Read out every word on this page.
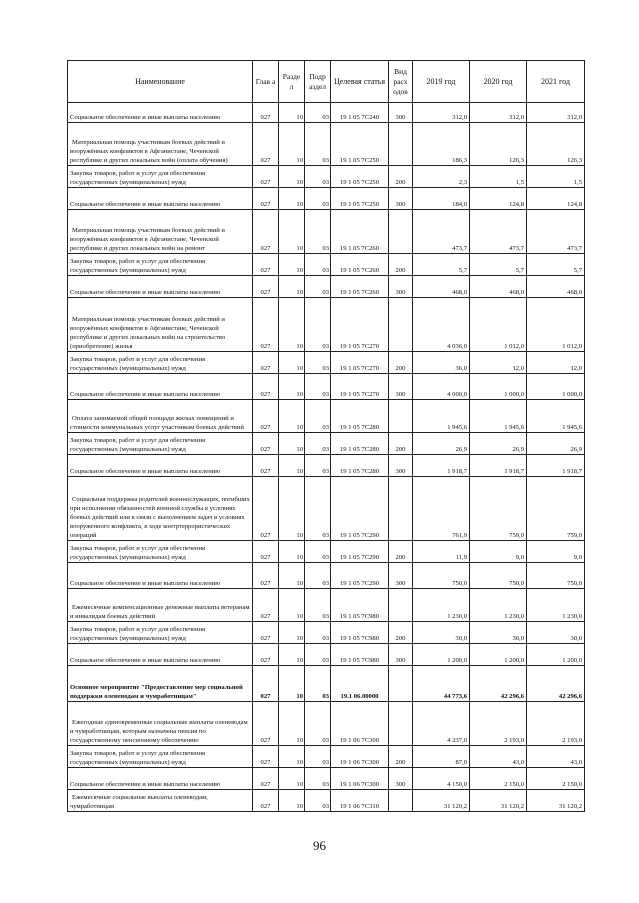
Наименование	Глав а	Разде л	Подр аздел	Целевая статья	Вид расх одов	2019 год	2020 год	2021 год
Социальное обеспечение и иные выплаты населению	027	10	03	19 1 05 7С240	300	312,0	312,0	312,0
Материальная помощь участникам боевых действий и вооружённых конфликтов в Афганистане, Чеченской республике и других локальных войн (оплата обучения)	027	10	03	19 1 05 7С250		186,3	126,3	126,3
Закупка товаров, работ и услуг для обеспечения государственных (муниципальных) нужд	027	10	03	19 1 05 7С250	200	2,3	1,5	1,5
Социальное обеспечение и иные выплаты населению	027	10	03	19 1 05 7С250	300	184,0	124,8	124,8
Материальная помощь участникам боевых действий и вооружённых конфликтов в Афганистане, Чеченской республике и других локальных войн на ремонт	027	10	03	19 1 05 7С260		473,7	473,7	473,7
Закупка товаров, работ и услуг для обеспечения государственных (муниципальных) нужд	027	10	03	19 1 05 7С260	200	5,7	5,7	5,7
Социальное обеспечение и иные выплаты населению	027	10	03	19 1 05 7С260	300	468,0	468,0	468,0
Материальная помощь участникам боевых действий и вооружённых конфликтов в Афганистане, Чеченской республике и других локальных войн на строительство (приобретение) жилья	027	10	03	19 1 05 7С270		4 036,0	1 012,0	1 012,0
Закупка товаров, работ и услуг для обеспечения государственных (муниципальных) нужд	027	10	03	19 1 05 7С270	200	36,0	12,0	12,0
Социальное обеспечение и иные выплаты населению	027	10	03	19 1 05 7С270	300	4 000,0	1 000,0	1 000,0
Оплата занимаемой общей площади жилых помещений и стоимости коммунальных услуг участникам боевых действий	027	10	03	19 1 05 7С280		1 945,6	1 945,6	1 945,6
Закупка товаров, работ и услуг для обеспечения государственных (муниципальных) нужд	027	10	03	19 1 05 7С280	200	26,9	26,9	26,9
Социальное обеспечение и иные выплаты населению	027	10	03	19 1 05 7С280	300	1 918,7	1 918,7	1 918,7
Социальная поддержка родителей военнослужащих, погибших при исполнении обязанностей военной службы в условиях боевых действий или в связи с выполнением задач в условиях вооруженного конфликта, в ходе контртеррористических операций	027	10	03	19 1 05 7С290		761,9	759,0	759,0
Закупка товаров, работ и услуг для обеспечения государственных (муниципальных) нужд	027	10	03	19 1 05 7С290	200	11,9	9,0	9,0
Социальное обеспечение и иные выплаты населению	027	10	03	19 1 05 7С290	300	750,0	750,0	750,0
Ежемесячные компенсационные денежные выплаты ветеранам и инвалидам боевых действий	027	10	03	19 1 05 7С980		1 230,0	1 230,0	1 230,0
Закупка товаров, работ и услуг для обеспечения государственных (муниципальных) нужд	027	10	03	19 1 05 7С980	200	30,0	30,0	30,0
Социальное обеспечение и иные выплаты населению	027	10	03	19 1 05 7С980	300	1 200,0	1 200,0	1 200,0
Основное мероприятие "Предоставление мер социальной поддержки оленеводам и чумработницам"	027	10	03	19.1 06.00000		44 773,6	42 296,6	42 296,6
Ежегодные единовременные социальные выплаты оленеводам и чумработницам, которым назначена пенсия по государственному пенсионному обеспечению	027	10	03	19 1 06 7С300		4 237,0	2 193,0	2 193,0
Закупка товаров, работ и услуг для обеспечения государственных (муниципальных) нужд	027	10	03	19 1 06 7С300	200	87,0	43,0	43,0
Социальное обеспечение и иные выплаты населению	027	10	03	19 1 06 7С300	300	4 150,0	2 150,0	2 150,0
Ежемесячные социальные выплаты оленеводам, чумработницам	027	10	03	19 1 06 7С310		31 120,2	31 120,2	31 120,2
96
